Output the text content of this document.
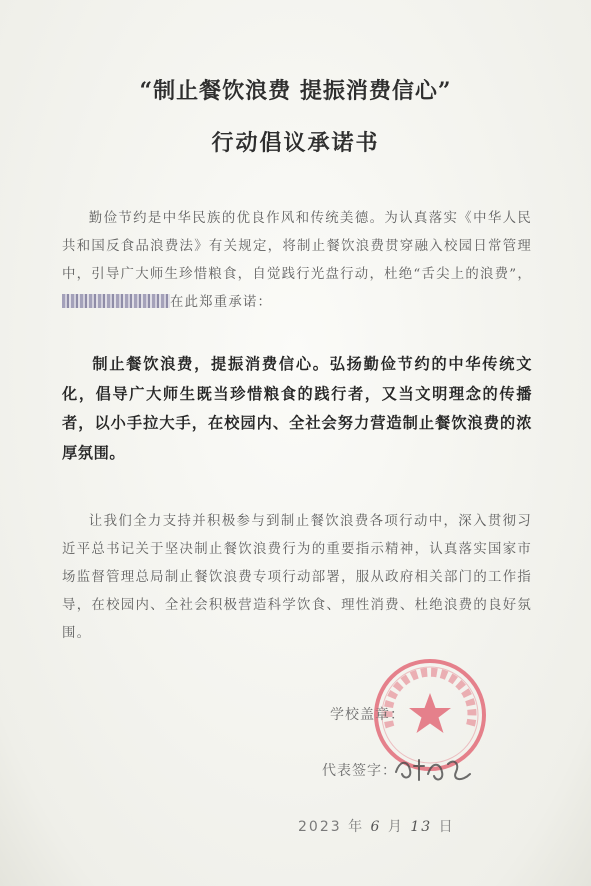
“制止餐饮浪费 提振消费信心”
行动倡议承诺书
勤俭节约是中华民族的优良作风和传统美德。为认真落实《中华人民共和国反食品浪费法》有关规定，将制止餐饮浪费贯穿融入校园日常管理中，引导广大师生珍惜粮食，自觉践行光盘行动，杜绝“舌尖上的浪费”，在此郑重承诺：
制止餐饮浪费，提振消费信心。弘扬勤俭节约的中华传统文化，倡导广大师生既当珍惜粮食的践行者，又当文明理念的传播者，以小手拉大手，在校园内、全社会努力营造制止餐饮浪费的浓厚氛围。
让我们全力支持并积极参与到制止餐饮浪费各项行动中，深入贯彻习近平总书记关于坚决制止餐饮浪费行为的重要指示精神，认真落实国家市场监督管理总局制止餐饮浪费专项行动部署，服从政府相关部门的工作指导，在校园内、全社会积极营造科学饮食、理性消费、杜绝浪费的良好氛围。
学校盖章：
代表签字：
2023 年 6 月 13 日
